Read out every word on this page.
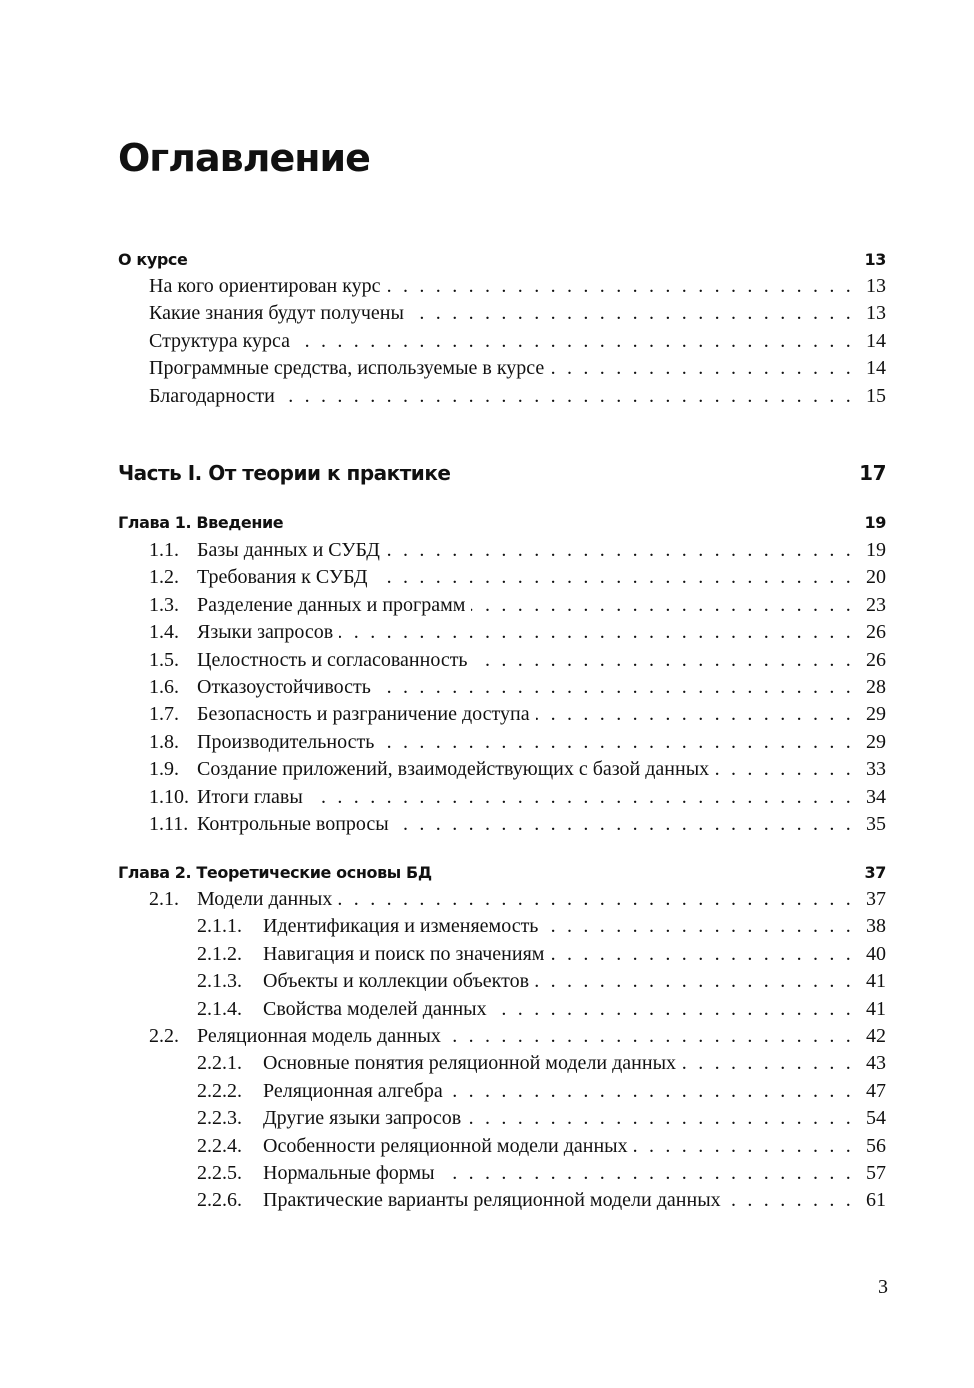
Оглавление
О курсе	13
На кого ориентирован курс . . .	13
Какие знания будут получены . . .	13
Структура курса . . .	14
Программные средства, используемые в курсе . . .	14
Благодарности . . .	15
Часть I. От теории к практике	17
Глава 1. Введение	19
1.1. Базы данных и СУБД . . .	19
1.2. Требования к СУБД . . .	20
1.3. Разделение данных и программ . . .	23
1.4. Языки запросов . . .	26
1.5. Целостность и согласованность . . .	26
1.6. Отказоустойчивость . . .	28
1.7. Безопасность и разграничение доступа . . .	29
1.8. Производительность . . .	29
1.9. Создание приложений, взаимодействующих с базой данных . . .	33
1.10. Итоги главы . . .	34
1.11. Контрольные вопросы . . .	35
Глава 2. Теоретические основы БД	37
2.1. Модели данных . . .	37
2.1.1.	Идентификация и изменяемость . . .	38
2.1.2.	Навигация и поиск по значениям . . .	40
2.1.3.	Объекты и коллекции объектов . . .	41
2.1.4.	Свойства моделей данных . . .	41
2.2. Реляционная модель данных . . .	42
2.2.1.	Основные понятия реляционной модели данных . . .	43
2.2.2.	Реляционная алгебра . . .	47
2.2.3.	Другие языки запросов . . .	54
2.2.4.	Особенности реляционной модели данных . . .	56
2.2.5.	Нормальные формы . . .	57
2.2.6.	Практические варианты реляционной модели данных . . .	61
3
